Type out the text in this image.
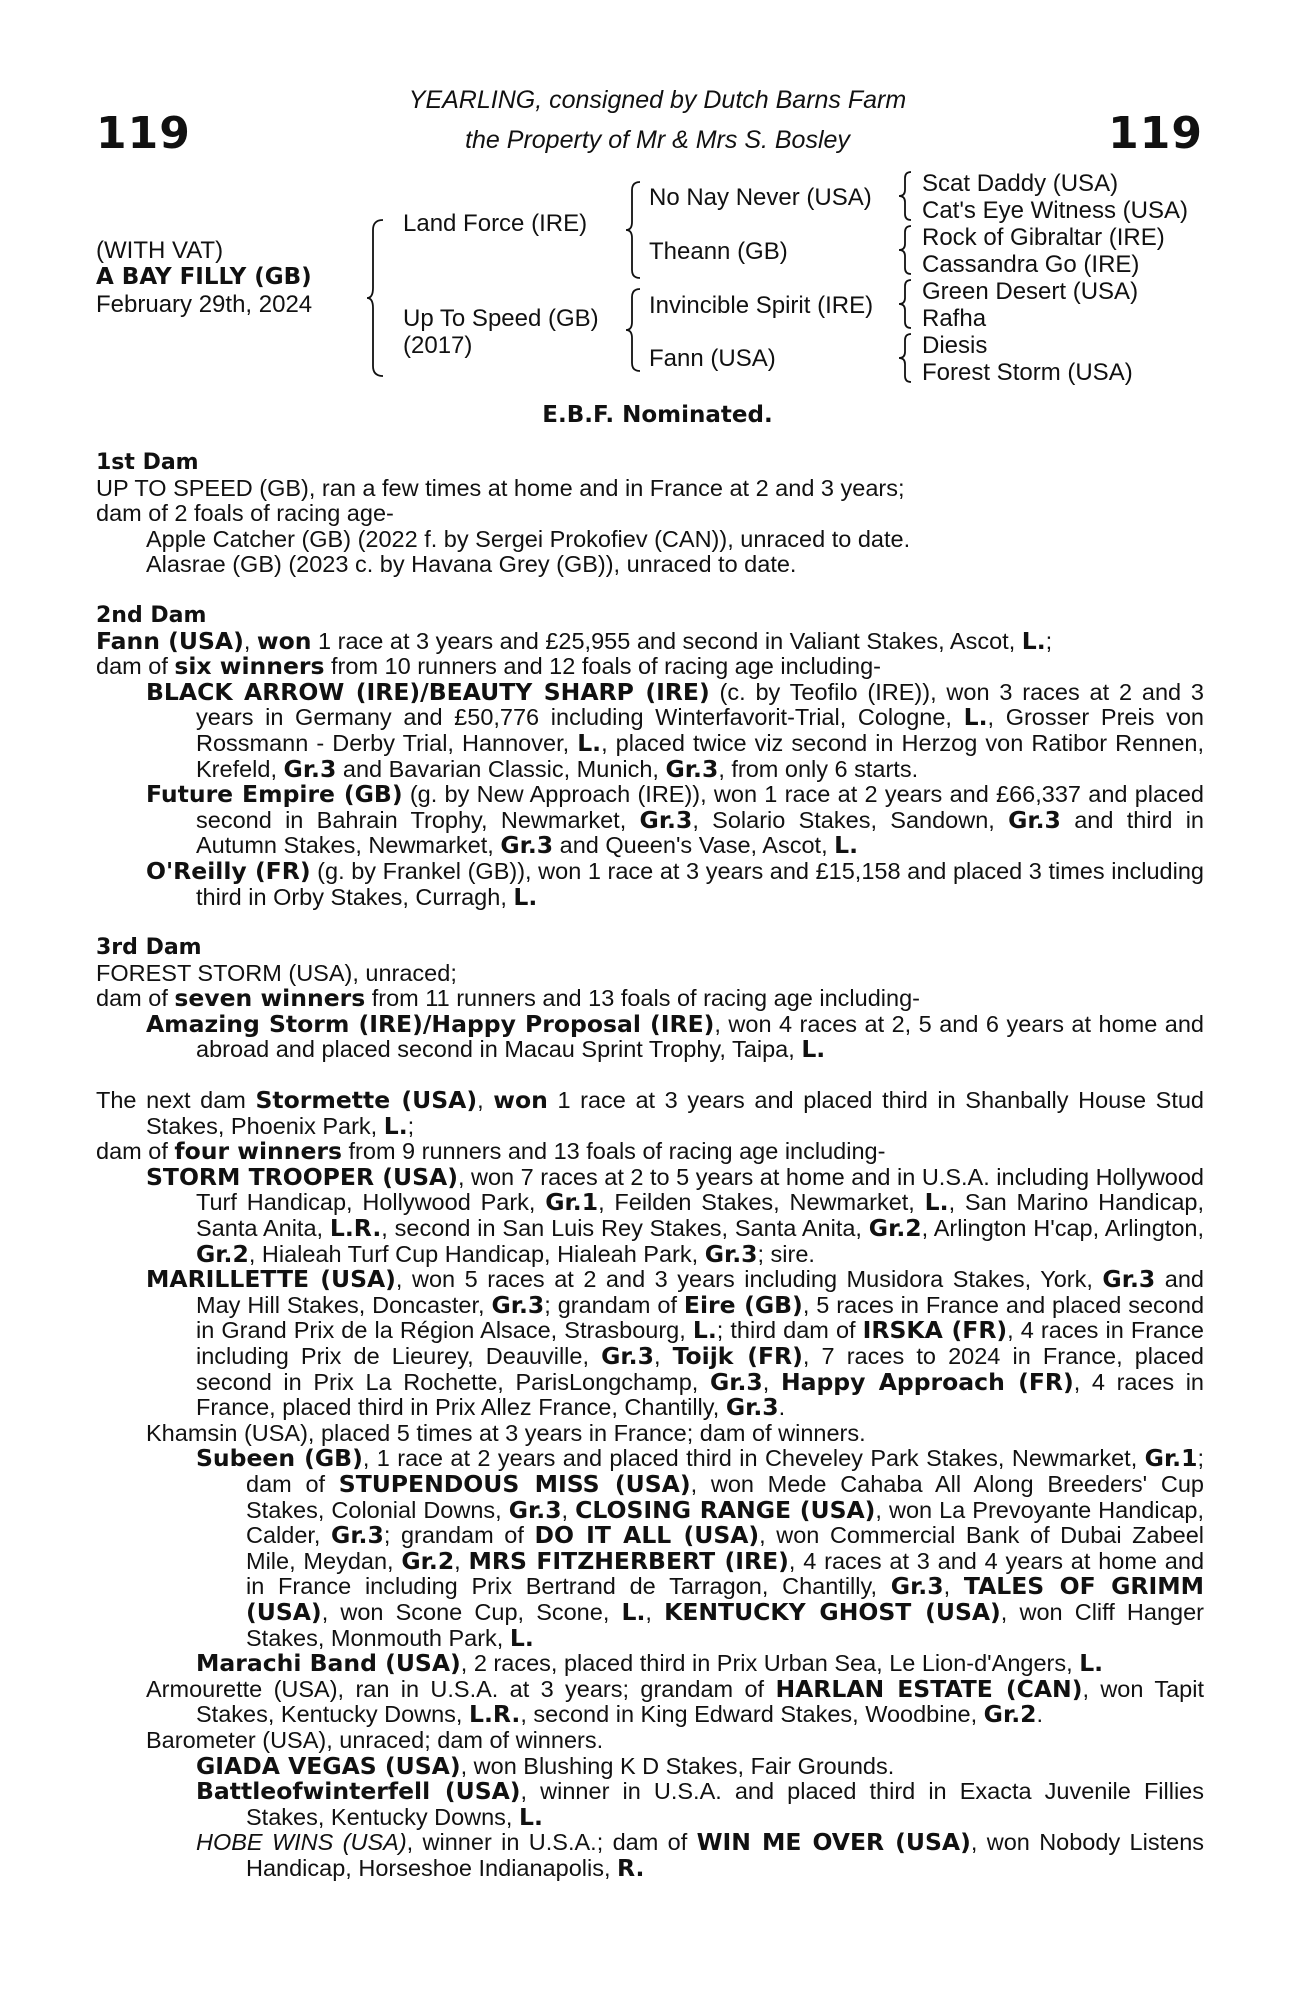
119	119
YEARLING, consigned by Dutch Barns Farm
the Property of Mr & Mrs S. Bosley
(WITH VAT)
A BAY FILLY (GB)
February 29th, 2024
Land Force (IRE)
Up To Speed (GB)
(2017)
No Nay Never (USA)
Theann (GB)
Invincible Spirit (IRE)
Fann (USA)
Scat Daddy (USA)
Cat's Eye Witness (USA)
Rock of Gibraltar (IRE)
Cassandra Go (IRE)
Green Desert (USA)
Rafha
Diesis
Forest Storm (USA)
E.B.F. Nominated.

1st Dam

UP TO SPEED (GB), ran a few times at home and in France at 2 and 3 years;

dam of 2 foals of racing age-

Apple Catcher (GB) (2022 f. by Sergei Prokofiev (CAN)), unraced to date.

Alasrae (GB) (2023 c. by Havana Grey (GB)), unraced to date.

2nd Dam

Fann (USA), won 1 race at 3 years and £25,955 and second in Valiant Stakes, Ascot, L.;

dam of six winners from 10 runners and 12 foals of racing age including-

BLACK ARROW (IRE)/BEAUTY SHARP (IRE) (c. by Teofilo (IRE)), won 3 races at 2 and 3 years in Germany and £50,776 including Winterfavorit-Trial, Cologne, L., Grosser Preis von Rossmann - Derby Trial, Hannover, L., placed twice viz second in Herzog von Ratibor Rennen, Krefeld, Gr.3 and Bavarian Classic, Munich, Gr.3, from only 6 starts.

Future Empire (GB) (g. by New Approach (IRE)), won 1 race at 2 years and £66,337 and placed second in Bahrain Trophy, Newmarket, Gr.3, Solario Stakes, Sandown, Gr.3 and third in Autumn Stakes, Newmarket, Gr.3 and Queen's Vase, Ascot, L.

O'Reilly (FR) (g. by Frankel (GB)), won 1 race at 3 years and £15,158 and placed 3 times including third in Orby Stakes, Curragh, L.

3rd Dam

FOREST STORM (USA), unraced;

dam of seven winners from 11 runners and 13 foals of racing age including-

Amazing Storm (IRE)/Happy Proposal (IRE), won 4 races at 2, 5 and 6 years at home and abroad and placed second in Macau Sprint Trophy, Taipa, L.

The next dam Stormette (USA), won 1 race at 3 years and placed third in Shanbally House Stud Stakes, Phoenix Park, L.;

dam of four winners from 9 runners and 13 foals of racing age including-

STORM TROOPER (USA), won 7 races at 2 to 5 years at home and in U.S.A. including Hollywood Turf Handicap, Hollywood Park, Gr.1, Feilden Stakes, Newmarket, L., San Marino Handicap, Santa Anita, L.R., second in San Luis Rey Stakes, Santa Anita, Gr.2, Arlington H'cap, Arlington, Gr.2, Hialeah Turf Cup Handicap, Hialeah Park, Gr.3; sire.

MARILLETTE (USA), won 5 races at 2 and 3 years including Musidora Stakes, York, Gr.3 and May Hill Stakes, Doncaster, Gr.3; grandam of Eire (GB), 5 races in France and placed second in Grand Prix de la Région Alsace, Strasbourg, L.; third dam of IRSKA (FR), 4 races in France including Prix de Lieurey, Deauville, Gr.3, Toijk (FR), 7 races to 2024 in France, placed second in Prix La Rochette, ParisLongchamp, Gr.3, Happy Approach (FR), 4 races in France, placed third in Prix Allez France, Chantilly, Gr.3.

Khamsin (USA), placed 5 times at 3 years in France; dam of winners.

Subeen (GB), 1 race at 2 years and placed third in Cheveley Park Stakes, Newmarket, Gr.1; dam of STUPENDOUS MISS (USA), won Mede Cahaba All Along Breeders' Cup Stakes, Colonial Downs, Gr.3, CLOSING RANGE (USA), won La Prevoyante Handicap, Calder, Gr.3; grandam of DO IT ALL (USA), won Commercial Bank of Dubai Zabeel Mile, Meydan, Gr.2, MRS FITZHERBERT (IRE), 4 races at 3 and 4 years at home and in France including Prix Bertrand de Tarragon, Chantilly, Gr.3, TALES OF GRIMM (USA), won Scone Cup, Scone, L., KENTUCKY GHOST (USA), won Cliff Hanger Stakes, Monmouth Park, L.

Marachi Band (USA), 2 races, placed third in Prix Urban Sea, Le Lion-d'Angers, L.

Armourette (USA), ran in U.S.A. at 3 years; grandam of HARLAN ESTATE (CAN), won Tapit Stakes, Kentucky Downs, L.R., second in King Edward Stakes, Woodbine, Gr.2.

Barometer (USA), unraced; dam of winners.

GIADA VEGAS (USA), won Blushing K D Stakes, Fair Grounds.

Battleofwinterfell (USA), winner in U.S.A. and placed third in Exacta Juvenile Fillies Stakes, Kentucky Downs, L.

HOBE WINS (USA), winner in U.S.A.; dam of WIN ME OVER (USA), won Nobody Listens Handicap, Horseshoe Indianapolis, R.
